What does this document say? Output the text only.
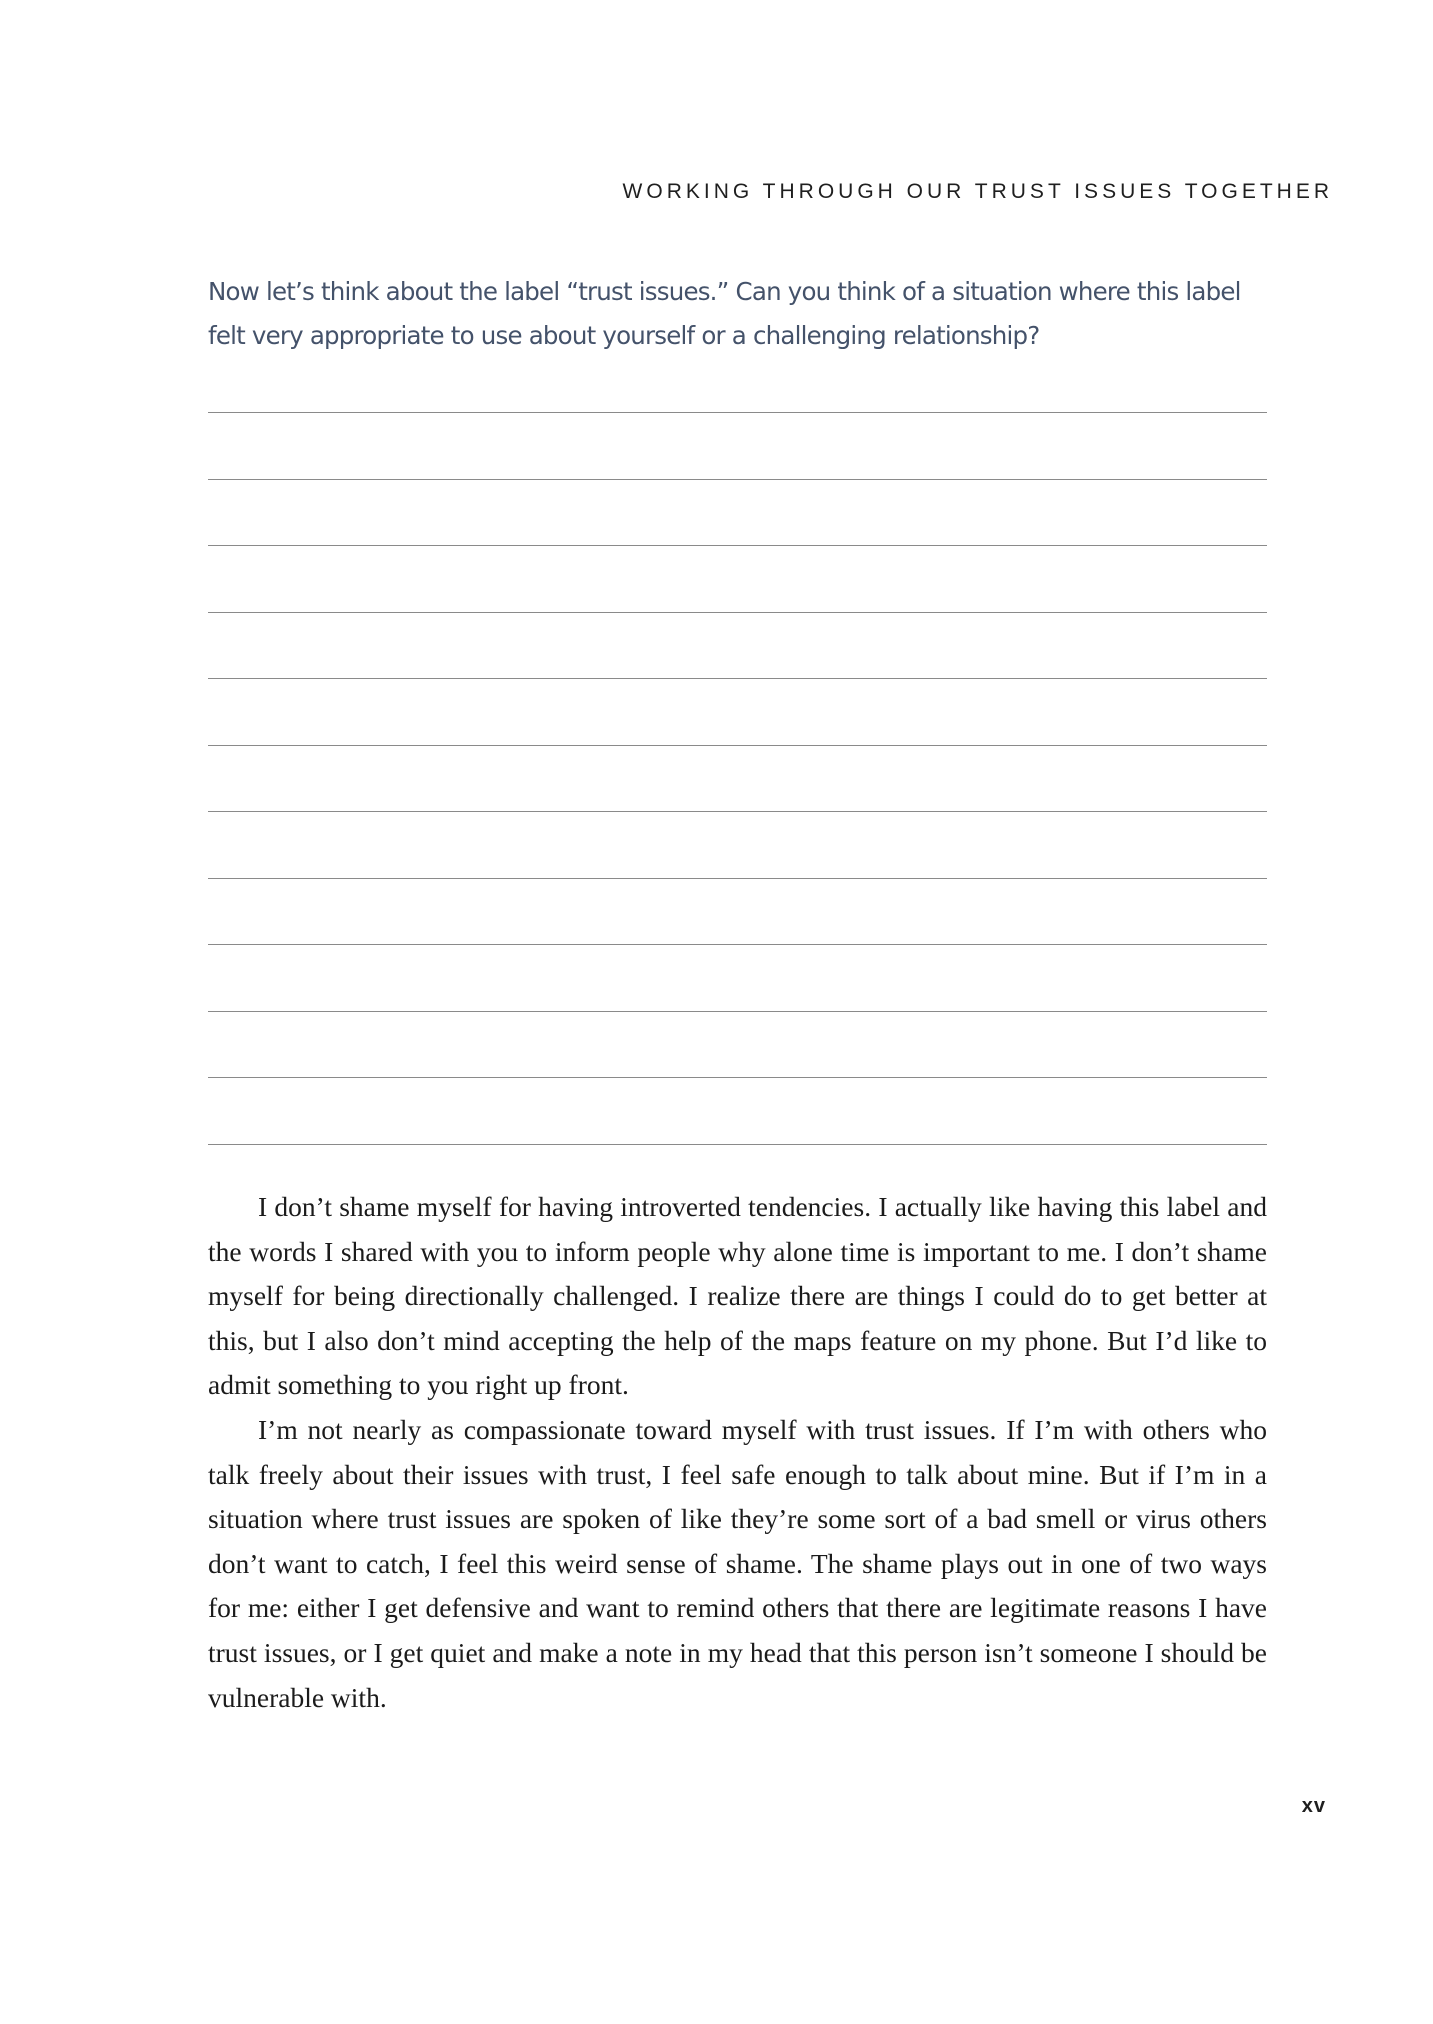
WORKING THROUGH OUR TRUST ISSUES TOGETHER
Now let’s think about the label “trust issues.” Can you think of a situation where this label felt very appropriate to use about yourself or a challenging relationship?

I don’t shame myself for having introverted tendencies. I actually like having this label and the words I shared with you to inform people why alone time is important to me. I don’t shame myself for being directionally challenged. I realize there are things I could do to get better at this, but I also don’t mind accepting the help of the maps feature on my phone. But I’d like to admit something to you right up front.

I’m not nearly as compassionate toward myself with trust issues. If I’m with others who talk freely about their issues with trust, I feel safe enough to talk about mine. But if I’m in a situation where trust issues are spoken of like they’re some sort of a bad smell or virus others don’t want to catch, I feel this weird sense of shame. The shame plays out in one of two ways for me: either I get defensive and want to remind others that there are legitimate reasons I have trust issues, or I get quiet and make a note in my head that this person isn’t someone I should be vulnerable with.

xv
